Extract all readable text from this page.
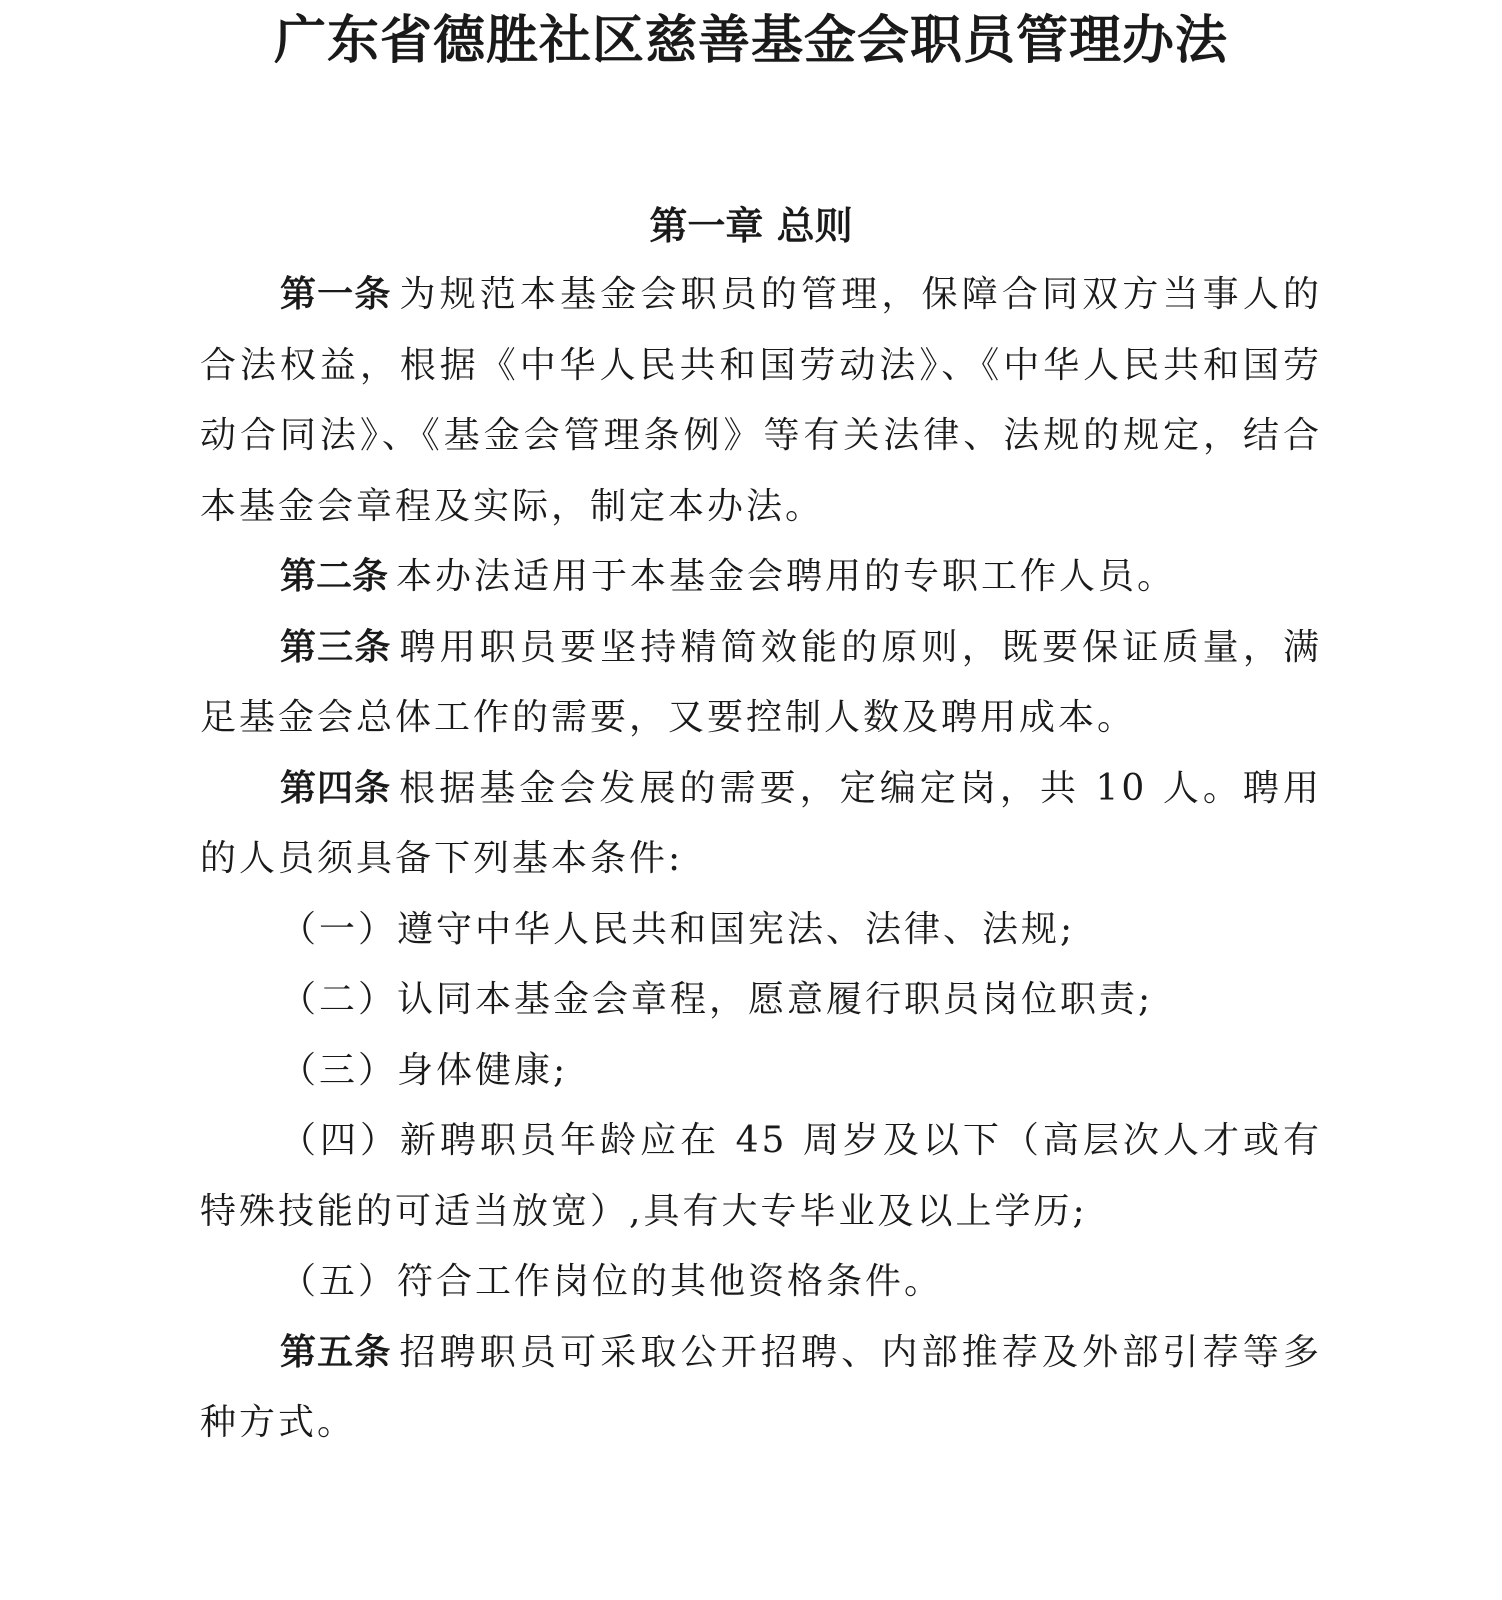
广东省德胜社区慈善基金会职员管理办法
第一章 总则

第一条 为规范本基金会职员的管理，保障合同双方当事人的合法权益，根据《中华人民共和国劳动法》、《中华人民共和国劳动合同法》、《基金会管理条例》等有关法律、法规的规定，结合本基金会章程及实际，制定本办法。

第二条 本办法适用于本基金会聘用的专职工作人员。

第三条 聘用职员要坚持精简效能的原则，既要保证质量，满足基金会总体工作的需要，又要控制人数及聘用成本。

第四条 根据基金会发展的需要，定编定岗，共 10 人。聘用的人员须具备下列基本条件:

（一）遵守中华人民共和国宪法、法律、法规;

（二）认同本基金会章程，愿意履行职员岗位职责;

（三）身体健康;

（四）新聘职员年龄应在 45 周岁及以下（高层次人才或有特殊技能的可适当放宽）,具有大专毕业及以上学历;

（五）符合工作岗位的其他资格条件。

第五条 招聘职员可采取公开招聘、内部推荐及外部引荐等多种方式。
